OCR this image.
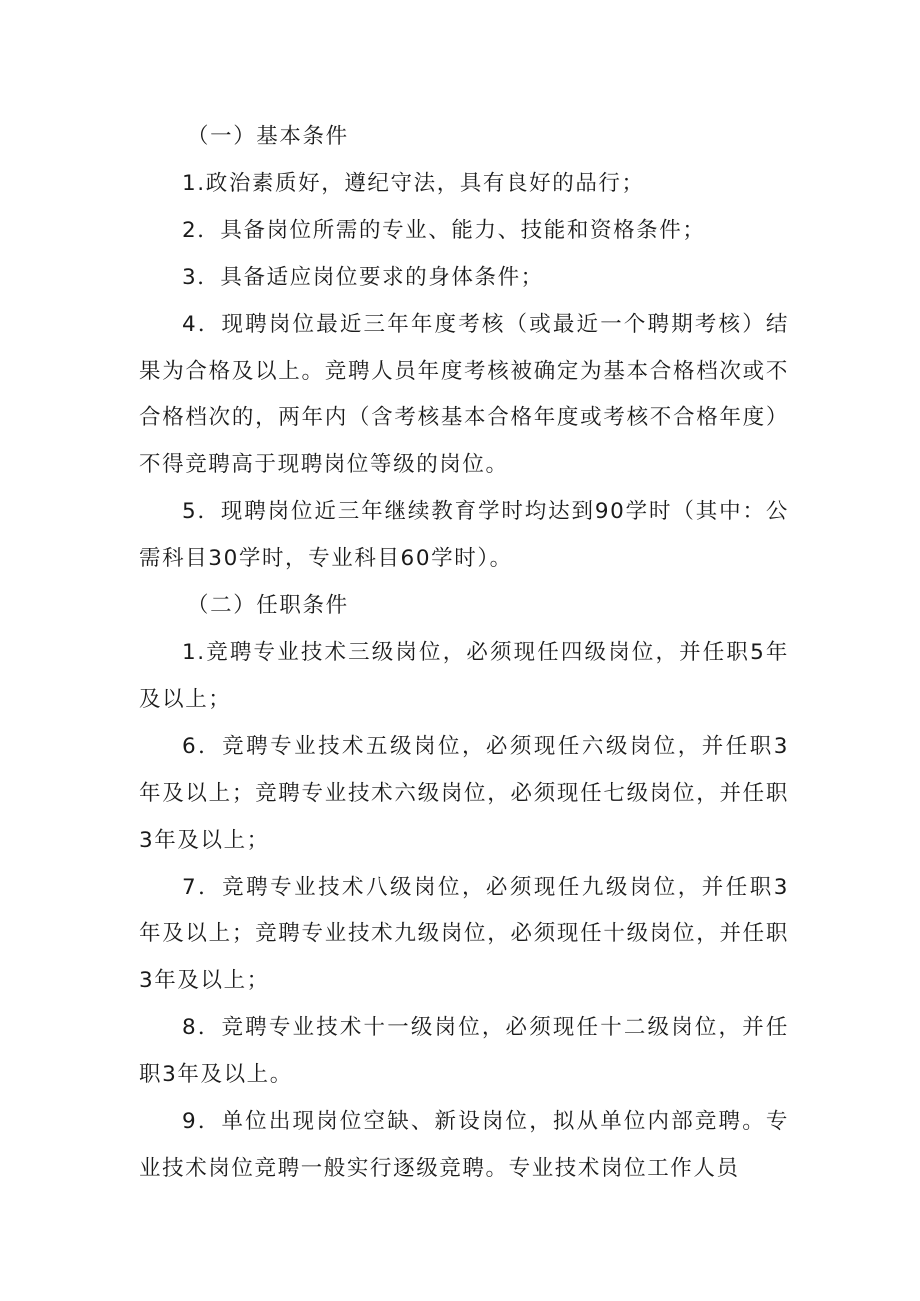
（一）基本条件

1.政治素质好，遵纪守法，具有良好的品行；

2．具备岗位所需的专业、能力、技能和资格条件；

3．具备适应岗位要求的身体条件；

4．现聘岗位最近三年年度考核（或最近一个聘期考核）结果为合格及以上。竞聘人员年度考核被确定为基本合格档次或不合格档次的，两年内（含考核基本合格年度或考核不合格年度）不得竞聘高于现聘岗位等级的岗位。

5．现聘岗位近三年继续教育学时均达到90学时（其中：公需科目30学时，专业科目60学时）。

（二）任职条件

1.竞聘专业技术三级岗位，必须现任四级岗位，并任职5年及以上；

6．竞聘专业技术五级岗位，必须现任六级岗位，并任职3年及以上；竞聘专业技术六级岗位，必须现任七级岗位，并任职3年及以上；

7．竞聘专业技术八级岗位，必须现任九级岗位，并任职3年及以上；竞聘专业技术九级岗位，必须现任十级岗位，并任职3年及以上；

8．竞聘专业技术十一级岗位，必须现任十二级岗位，并任职3年及以上。

9．单位出现岗位空缺、新设岗位，拟从单位内部竞聘。专业技术岗位竞聘一般实行逐级竞聘。专业技术岗位工作人员
